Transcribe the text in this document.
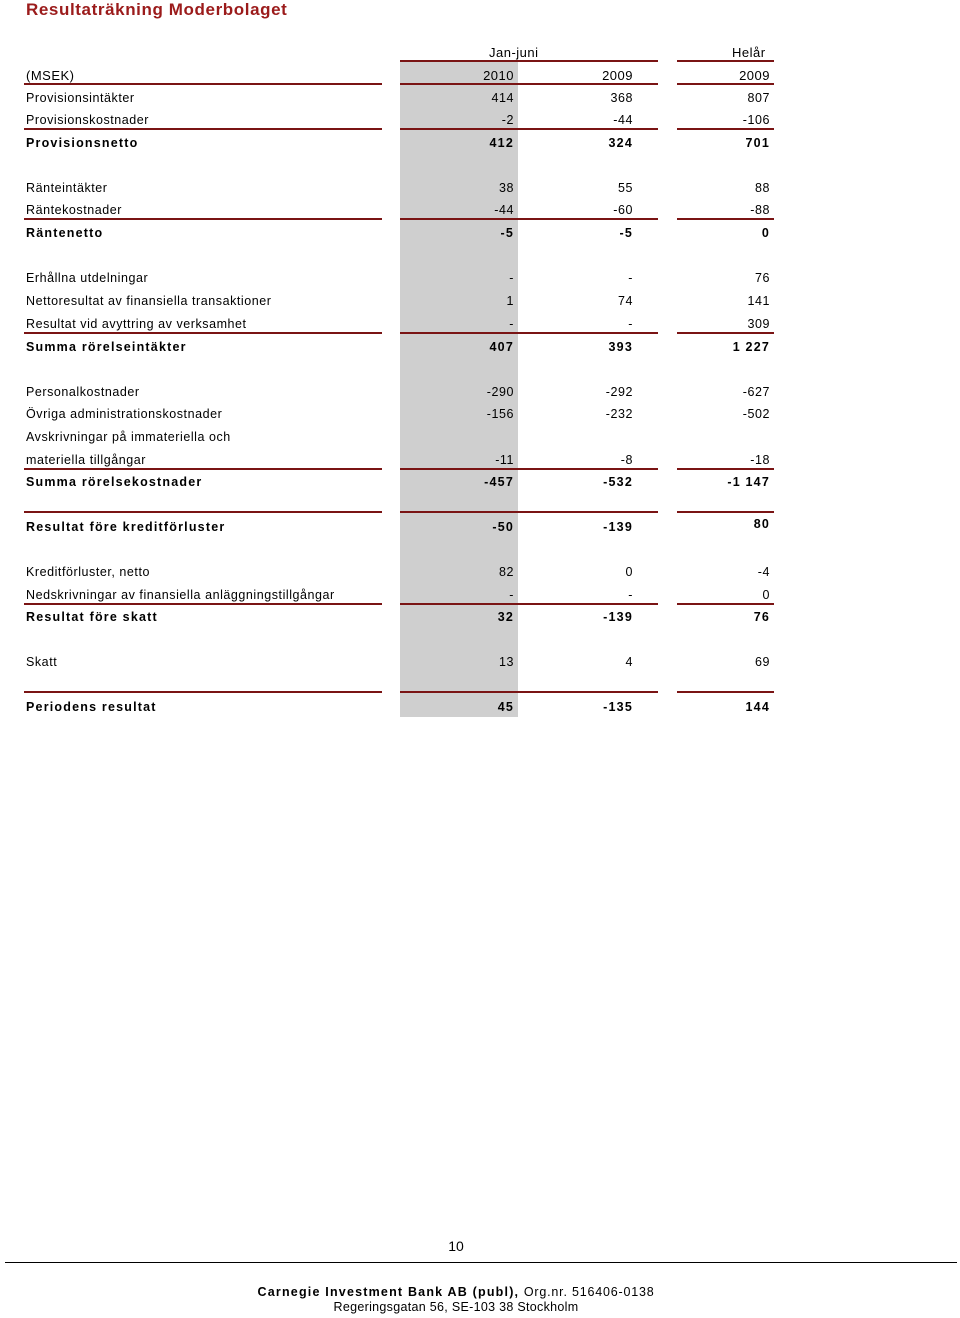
Resultaträkning Moderbolaget
Jan-juni	Helår
(MSEK)	2010	2009	2009
Provisionsintäkter	414	368	807
Provisionskostnader	-2	-44	-106
Provisionsnetto	412	324	701
Ränteintäkter	38	55	88
Räntekostnader	-44	-60	-88
Räntenetto	-5	-5	0
Erhållna utdelningar	-	-	76
Nettoresultat av finansiella transaktioner	1	74	141
Resultat vid avyttring av verksamhet	-	-	309
Summa rörelseintäkter	407	393	1 227
Personalkostnader	-290	-292	-627
Övriga administrationskostnader	-156	-232	-502
Avskrivningar på immateriella och
materiella tillgångar	-11	-8	-18
Summa rörelsekostnader	-457	-532	-1 147
Resultat före kreditförluster	-50	-139	80
Kreditförluster, netto	82	0	-4
Nedskrivningar av finansiella anläggningstillgångar	-	-	0
Resultat före skatt	32	-139	76
Skatt	13	4	69
Periodens resultat	45	-135	144
10
Carnegie Investment Bank AB (publ), Org.nr. 516406-0138
Regeringsgatan 56, SE-103 38 Stockholm
